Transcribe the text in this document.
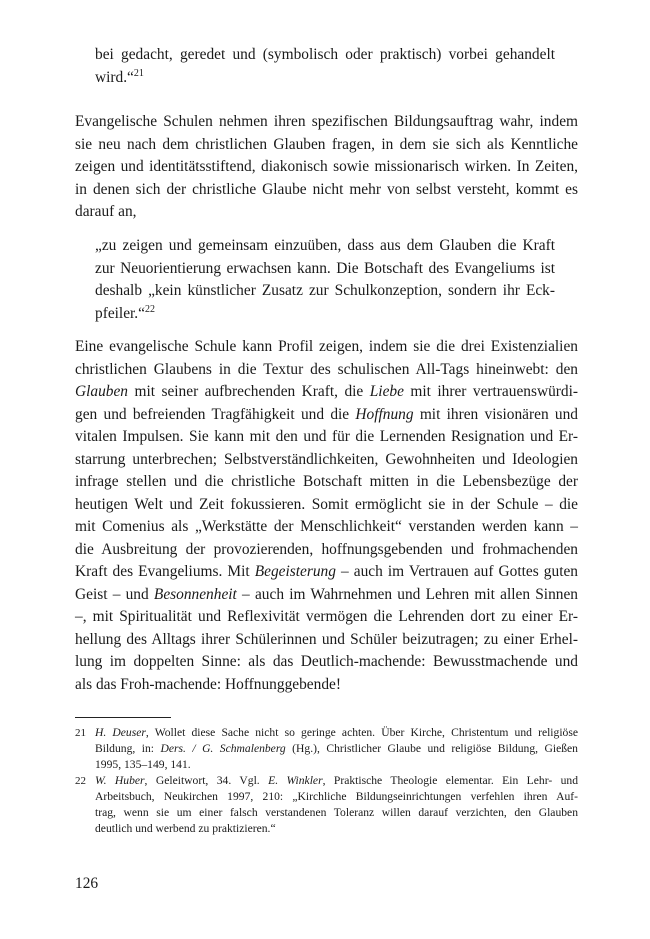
bei gedacht, geredet und (symbolisch oder praktisch) vorbei gehandelt
wird.“$^{21}$
Evangelische Schulen nehmen ihren spezifischen Bildungsauftrag wahr, indem
sie neu nach dem christlichen Glauben fragen, in dem sie sich als Kenntliche
zeigen und identitätsstiftend, diakonisch sowie missionarisch wirken. In Zeiten,
in denen sich der christliche Glaube nicht mehr von selbst versteht, kommt es
darauf an,
„zu zeigen und gemeinsam einzuüben, dass aus dem Glauben die Kraft
zur Neuorientierung erwachsen kann. Die Botschaft des Evangeliums ist
deshalb „kein künstlicher Zusatz zur Schulkonzeption, sondern ihr Eck-
pfeiler.“$^{22}$
Eine evangelische Schule kann Profil zeigen, indem sie die drei Existenzialien
christlichen Glaubens in die Textur des schulischen All-Tags hineinwebt: den
Glauben mit seiner aufbrechenden Kraft, die Liebe mit ihrer vertrauenswürdi-
gen und befreienden Tragfähigkeit und die Hoffnung mit ihren visionären und
vitalen Impulsen. Sie kann mit den und für die Lernenden Resignation und Er-
starrung unterbrechen; Selbstverständlichkeiten, Gewohnheiten und Ideologien
infrage stellen und die christliche Botschaft mitten in die Lebensbezüge der
heutigen Welt und Zeit fokussieren. Somit ermöglicht sie in der Schule – die
mit Comenius als „Werkstätte der Menschlichkeit“ verstanden werden kann –
die Ausbreitung der provozierenden, hoffnungsgebenden und frohmachenden
Kraft des Evangeliums. Mit Begeisterung – auch im Vertrauen auf Gottes guten
Geist – und Besonnenheit – auch im Wahrnehmen und Lehren mit allen Sinnen
–, mit Spiritualität und Reflexivität vermögen die Lehrenden dort zu einer Er-
hellung des Alltags ihrer Schülerinnen und Schüler beizutragen; zu einer Erhel-
lung im doppelten Sinne: als das Deutlich-machende: Bewusstmachende und
als das Froh-machende: Hoffnunggebende!
21 H. Deuser, Wollet diese Sache nicht so geringe achten. Über Kirche, Christentum und religiöse
Bildung, in: Ders. / G. Schmalenberg (Hg.), Christlicher Glaube und religiöse Bildung, Gießen
1995, 135–149, 141.
22 W. Huber, Geleitwort, 34. Vgl. E. Winkler, Praktische Theologie elementar. Ein Lehr- und
Arbeitsbuch, Neukirchen 1997, 210: „Kirchliche Bildungseinrichtungen verfehlen ihren Auf-
trag, wenn sie um einer falsch verstandenen Toleranz willen darauf verzichten, den Glauben
deutlich und werbend zu praktizieren.“
126
